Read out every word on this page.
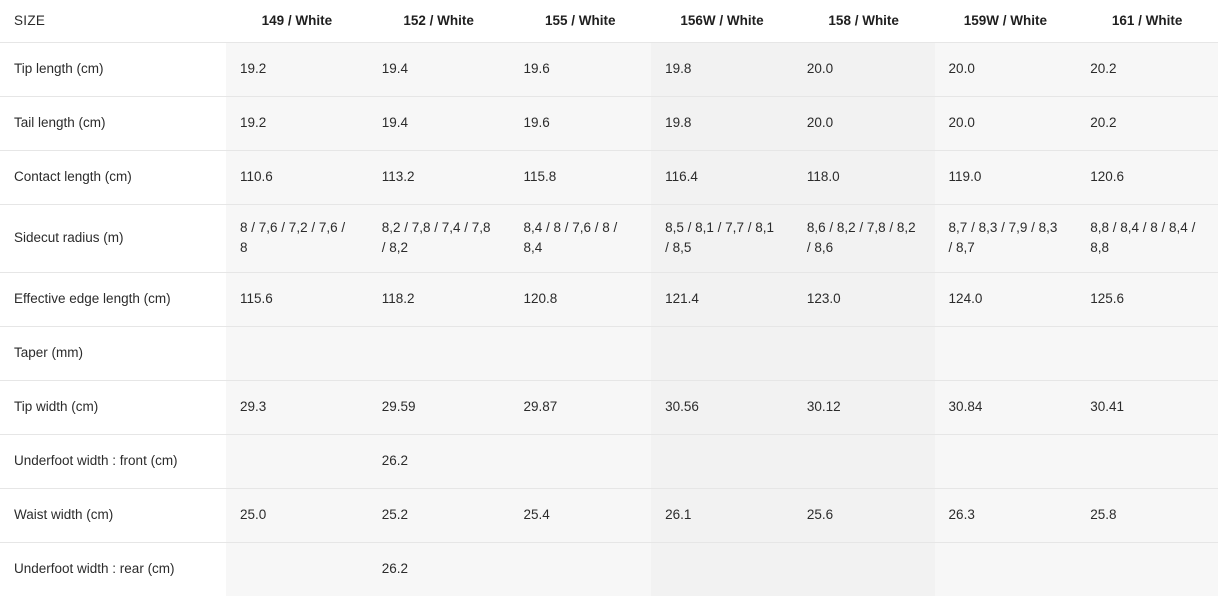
SIZE	149 / White	152 / White	155 / White	156W / White	158 / White	159W / White	161 / White
Tip length (cm)	19.2	19.4	19.6	19.8	20.0	20.0	20.2
Tail length (cm)	19.2	19.4	19.6	19.8	20.0	20.0	20.2
Contact length (cm)	110.6	113.2	115.8	116.4	118.0	119.0	120.6
Sidecut radius (m)	8 / 7,6 / 7,2 / 7,6 / 8	8,2 / 7,8 / 7,4 / 7,8 / 8,2	8,4 / 8 / 7,6 / 8 / 8,4	8,5 / 8,1 / 7,7 / 8,1 / 8,5	8,6 / 8,2 / 7,8 / 8,2 / 8,6	8,7 / 8,3 / 7,9 / 8,3 / 8,7	8,8 / 8,4 / 8 / 8,4 / 8,8
Effective edge length (cm)	115.6	118.2	120.8	121.4	123.0	124.0	125.6
Taper (mm)							
Tip width (cm)	29.3	29.59	29.87	30.56	30.12	30.84	30.41
Underfoot width : front (cm)		26.2					
Waist width (cm)	25.0	25.2	25.4	26.1	25.6	26.3	25.8
Underfoot width : rear (cm)		26.2					
